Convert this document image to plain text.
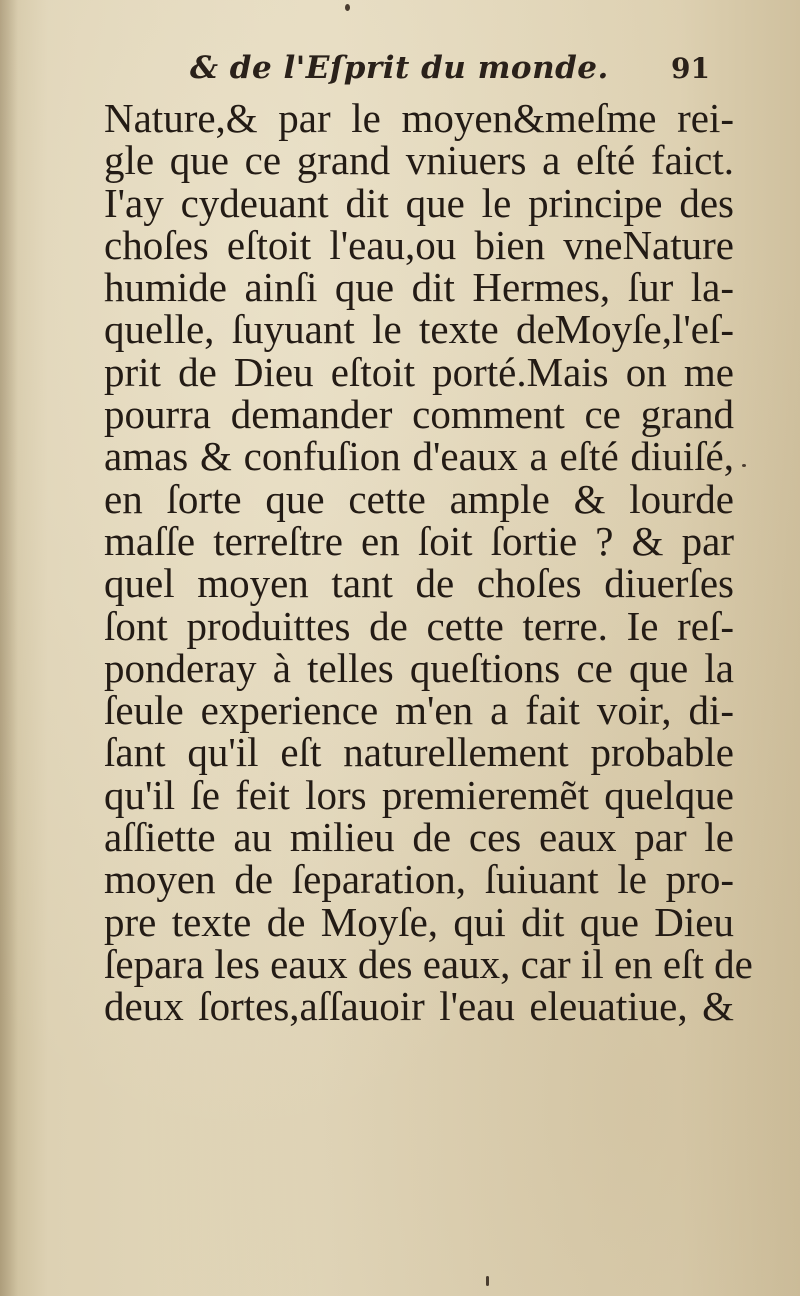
& de l'Eſprit du monde. 91
Nature,& par le moyen&meſme rei-
gle que ce grand vniuers a eſté faict.
I'ay cydeuant dit que le principe des
choſes eſtoit l'eau,ou bien vneNature
humide ainſi que dit Hermes, ſur la-
quelle, ſuyuant le texte deMoyſe,l'eſ-
prit de Dieu eſtoit porté.Mais on me
pourra demander comment ce grand
amas & confuſion d'eaux a eſté diuiſé,
en ſorte que cette ample & lourde
maſſe terreſtre en ſoit ſortie ? & par
quel moyen tant de choſes diuerſes
ſont produittes de cette terre. Ie reſ-
ponderay à telles queſtions ce que la
ſeule experience m'en a fait voir, di-
ſant qu'il eſt naturellement probable
qu'il ſe feit lors premieremẽt quelque
aſſiette au milieu de ces eaux par le
moyen de ſeparation, ſuiuant le pro-
pre texte de Moyſe, qui dit que Dieu
ſepara les eaux des eaux, car il en eſt de
deux ſortes,aſſauoir l'eau eleuatiue, &
